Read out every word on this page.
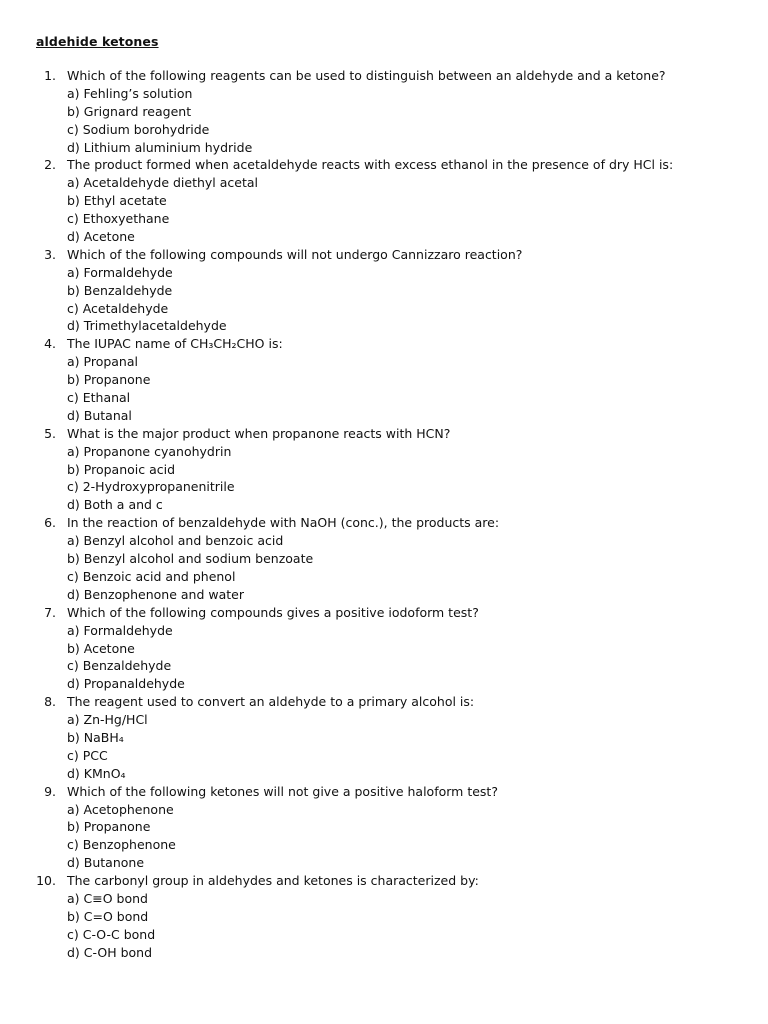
aldehide ketones
1. Which of the following reagents can be used to distinguish between an aldehyde and a ketone?
a) Fehling’s solution
b) Grignard reagent
c) Sodium borohydride
d) Lithium aluminium hydride
2. The product formed when acetaldehyde reacts with excess ethanol in the presence of dry HCl is:
a) Acetaldehyde diethyl acetal
b) Ethyl acetate
c) Ethoxyethane
d) Acetone
3. Which of the following compounds will not undergo Cannizzaro reaction?
a) Formaldehyde
b) Benzaldehyde
c) Acetaldehyde
d) Trimethylacetaldehyde
4. The IUPAC name of CH₃CH₂CHO is:
a) Propanal
b) Propanone
c) Ethanal
d) Butanal
5. What is the major product when propanone reacts with HCN?
a) Propanone cyanohydrin
b) Propanoic acid
c) 2-Hydroxypropanenitrile
d) Both a and c
6. In the reaction of benzaldehyde with NaOH (conc.), the products are:
a) Benzyl alcohol and benzoic acid
b) Benzyl alcohol and sodium benzoate
c) Benzoic acid and phenol
d) Benzophenone and water
7. Which of the following compounds gives a positive iodoform test?
a) Formaldehyde
b) Acetone
c) Benzaldehyde
d) Propanaldehyde
8. The reagent used to convert an aldehyde to a primary alcohol is:
a) Zn-Hg/HCl
b) NaBH₄
c) PCC
d) KMnO₄
9. Which of the following ketones will not give a positive haloform test?
a) Acetophenone
b) Propanone
c) Benzophenone
d) Butanone
10. The carbonyl group in aldehydes and ketones is characterized by:
a) C≡O bond
b) C=O bond
c) C-O-C bond
d) C-OH bond
